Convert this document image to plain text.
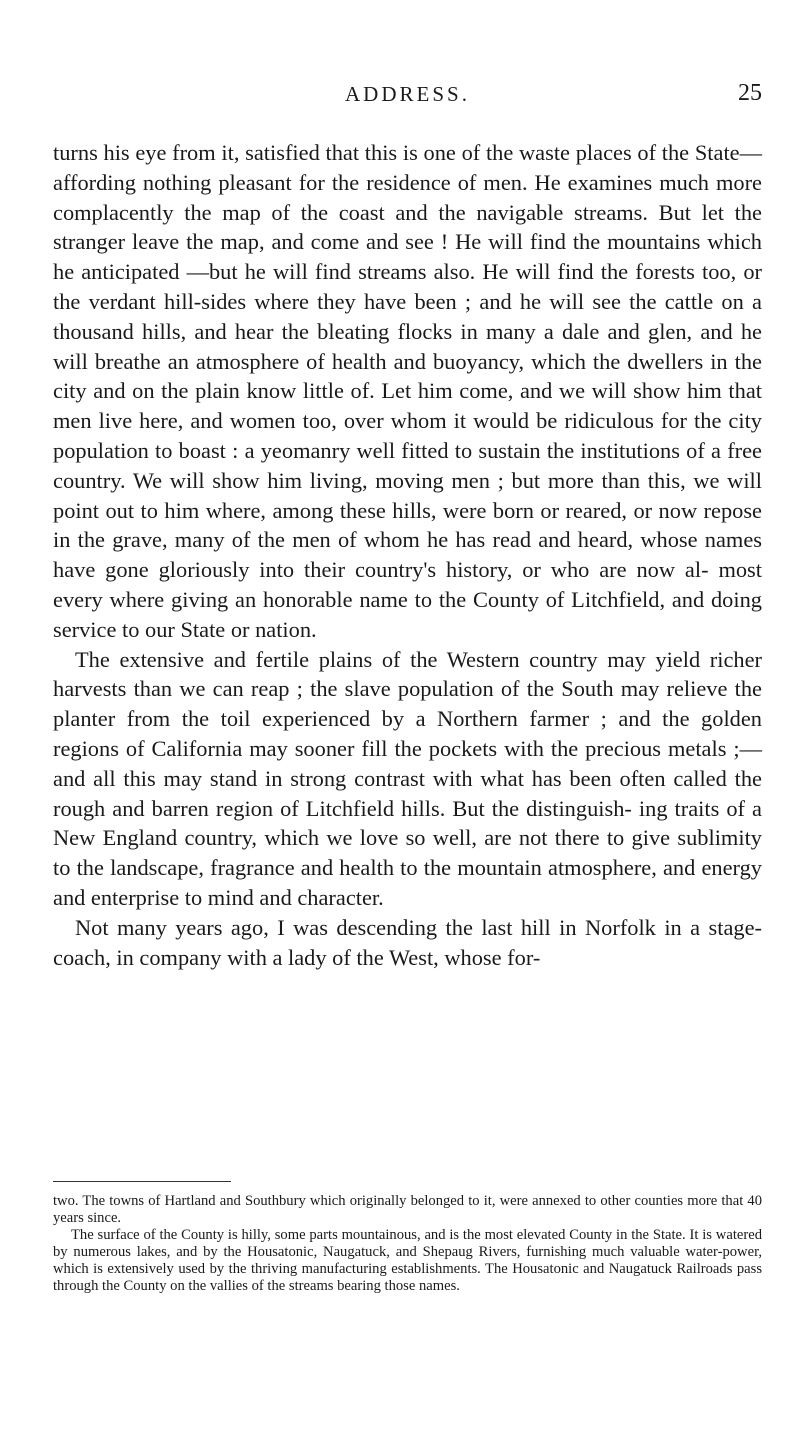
ADDRESS.	25

turns his eye from it, satisfied that this is one of the waste places of the State—affording nothing pleasant for the residence of men. He examines much more complacently the map of the coast and the navigable streams. But let the stranger leave the map, and come and see ! He will find the mountains which he anticipated —but he will find streams also. He will find the forests too, or the verdant hill-sides where they have been ; and he will see the cattle on a thousand hills, and hear the bleating flocks in many a dale and glen, and he will breathe an atmosphere of health and buoyancy, which the dwellers in the city and on the plain know little of. Let him come, and we will show him that men live here, and women too, over whom it would be ridiculous for the city population to boast : a yeomanry well fitted to sustain the institutions of a free country. We will show him living, moving men ; but more than this, we will point out to him where, among these hills, were born or reared, or now repose in the grave, many of the men of whom he has read and heard, whose names have gone gloriously into their country's history, or who are now al- most every where giving an honorable name to the County of Litchfield, and doing service to our State or nation.

The extensive and fertile plains of the Western country may yield richer harvests than we can reap ; the slave population of the South may relieve the planter from the toil experienced by a Northern farmer ; and the golden regions of California may sooner fill the pockets with the precious metals ;—and all this may stand in strong contrast with what has been often called the rough and barren region of Litchfield hills. But the distinguish- ing traits of a New England country, which we love so well, are not there to give sublimity to the landscape, fragrance and health to the mountain atmosphere, and energy and enterprise to mind and character.

Not many years ago, I was descending the last hill in Norfolk in a stage-coach, in company with a lady of the West, whose for-

two. The towns of Hartland and Southbury which originally belonged to it, were annexed to other counties more that 40 years since.

The surface of the County is hilly, some parts mountainous, and is the most elevated County in the State. It is watered by numerous lakes, and by the Housatonic, Naugatuck, and Shepaug Rivers, furnishing much valuable water-power, which is extensively used by the thriving manufacturing establishments. The Housatonic and Naugatuck Railroads pass through the County on the vallies of the streams bearing those names.
